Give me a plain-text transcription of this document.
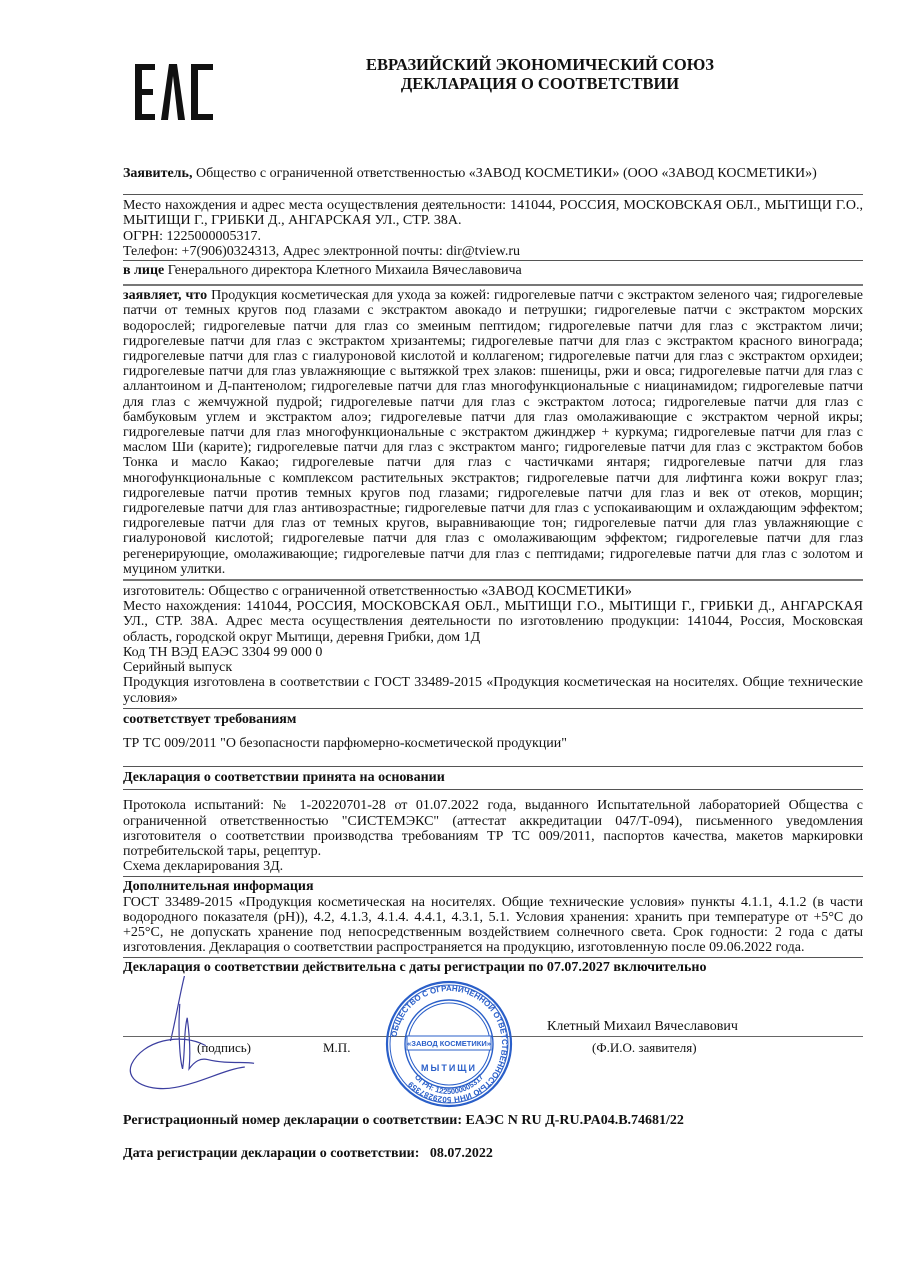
ЕВРАЗИЙСКИЙ ЭКОНОМИЧЕСКИЙ СОЮЗ
ДЕКЛАРАЦИЯ О СООТВЕТСТВИИ
Заявитель, Общество с ограниченной ответственностью «ЗАВОД КОСМЕТИКИ» (ООО «ЗАВОД КОСМЕТИКИ»)
Место нахождения и адрес места осуществления деятельности: 141044, РОССИЯ, МОСКОВСКАЯ ОБЛ., МЫТИЩИ Г.О., МЫТИЩИ Г., ГРИБКИ Д., АНГАРСКАЯ УЛ., СТР. 38А.
ОГРН: 1225000005317.
Телефон: +7(906)0324313, Адрес электронной почты: dir@tview.ru
в лице Генерального директора Клетного Михаила Вячеславовича
заявляет, что Продукция косметическая для ухода за кожей: гидрогелевые патчи с экстрактом зеленого чая; гидрогелевые патчи от темных кругов под глазами с экстрактом авокадо и петрушки; гидрогелевые патчи с экстрактом морских водорослей; гидрогелевые патчи для глаз со змеиным пептидом; гидрогелевые патчи для глаз с экстрактом личи; гидрогелевые патчи для глаз с экстрактом хризантемы; гидрогелевые патчи для глаз с экстрактом красного винограда; гидрогелевые патчи для глаз с гиалуроновой кислотой и коллагеном; гидрогелевые патчи для глаз с экстрактом орхидеи; гидрогелевые патчи для глаз увлажняющие с вытяжкой трех злаков: пшеницы, ржи и овса; гидрогелевые патчи для глаз с аллантоином и Д-пантенолом; гидрогелевые патчи для глаз многофункциональные с ниацинамидом; гидрогелевые патчи для глаз с жемчужной пудрой; гидрогелевые патчи для глаз с экстрактом лотоса; гидрогелевые патчи для глаз с бамбуковым углем и экстрактом алоэ; гидрогелевые патчи для глаз омолаживающие с экстрактом черной икры; гидрогелевые патчи для глаз многофункциональные с экстрактом джинджер + куркума; гидрогелевые патчи для глаз с маслом Ши (карите); гидрогелевые патчи для глаз с экстрактом манго; гидрогелевые патчи для глаз с экстрактом бобов Тонка и масло Какао; гидрогелевые патчи для глаз с частичками янтаря; гидрогелевые патчи для глаз многофункциональные с комплексом растительных экстрактов; гидрогелевые патчи для лифтинга кожи вокруг глаз; гидрогелевые патчи против темных кругов под глазами; гидрогелевые патчи для глаз и век от отеков, морщин; гидрогелевые патчи для глаз антивозрастные; гидрогелевые патчи для глаз с успокаивающим и охлаждающим эффектом; гидрогелевые патчи для глаз от темных кругов, выравнивающие тон; гидрогелевые патчи для глаз увлажняющие с гиалуроновой кислотой; гидрогелевые патчи для глаз с омолаживающим эффектом; гидрогелевые патчи для глаз регенерирующие, омолаживающие; гидрогелевые патчи для глаз с пептидами; гидрогелевые патчи для глаз с золотом и муцином улитки.
изготовитель: Общество с ограниченной ответственностью «ЗАВОД КОСМЕТИКИ»
Место нахождения: 141044, РОССИЯ, МОСКОВСКАЯ ОБЛ., МЫТИЩИ Г.О., МЫТИЩИ Г., ГРИБКИ Д., АНГАРСКАЯ УЛ., СТР. 38А. Адрес места осуществления деятельности по изготовлению продукции: 141044, Россия, Московская область, городской округ Мытищи, деревня Грибки, дом 1Д
Код ТН ВЭД ЕАЭС 3304 99 000 0
Серийный выпуск
Продукция изготовлена в соответствии с ГОСТ 33489-2015 «Продукция косметическая на носителях. Общие технические условия»
соответствует требованиям
ТР ТС 009/2011 "О безопасности парфюмерно-косметической продукции"
Декларация о соответствии принята на основании
Протокола испытаний: № 1-20220701-28 от 01.07.2022 года, выданного Испытательной лабораторией Общества с ограниченной ответственностью "СИСТЕМЭКС" (аттестат аккредитации 047/Т-094), письменного уведомления изготовителя о соответствии производства требованиям ТР ТС 009/2011, паспортов качества, макетов маркировки потребительской тары, рецептур.
Схема декларирования 3Д.
Дополнительная информация
ГОСТ 33489-2015 «Продукция косметическая на носителях. Общие технические условия» пункты 4.1.1, 4.1.2 (в части водородного показателя (pH)), 4.2, 4.1.3, 4.1.4. 4.4.1, 4.3.1, 5.1. Условия хранения: хранить при температуре от +5°C до +25°C, не допускать хранение под непосредственным воздействием солнечного света. Срок годности: 2 года с даты изготовления. Декларация о соответствии распространяется на продукцию, изготовленную после 09.06.2022 года.
Декларация о соответствии действительна с даты регистрации по 07.07.2027 включительно
(подпись)	М.П.
Клетный Михаил Вячеславович
(Ф.И.О. заявителя)
ОБЩЕСТВО С ОГРАНИЧЕННОЙ ОТВЕТСТВЕННОСТЬЮ ИНН 5029287359
«ЗАВОД КОСМЕТИКИ»
МЫТИЩИ
ОГРН: 1225000005317
Регистрационный номер декларации о соответствии: ЕАЭС N RU Д-RU.PA04.B.74681/22
Дата регистрации декларации о соответствии: 08.07.2022
